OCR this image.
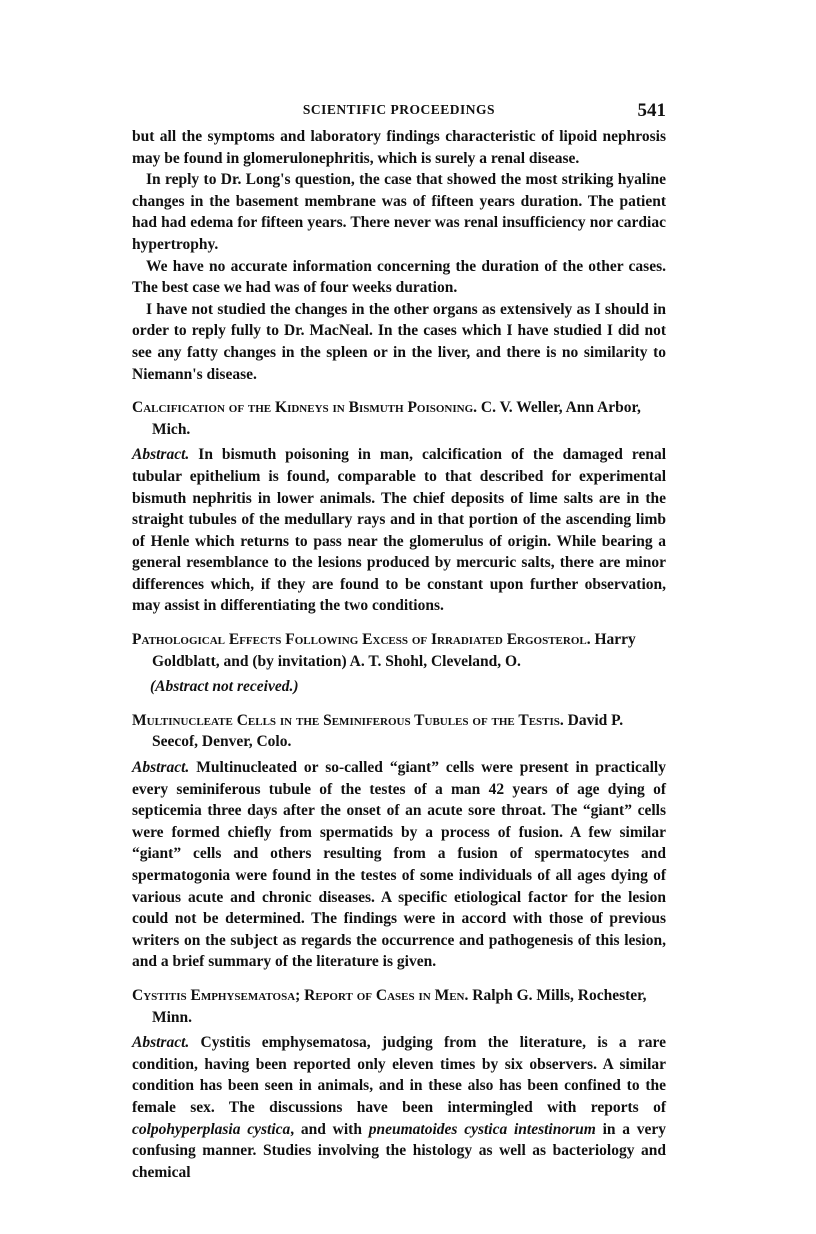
SCIENTIFIC PROCEEDINGS	541

but all the symptoms and laboratory findings characteristic of lipoid nephrosis may be found in glomerulonephritis, which is surely a renal disease.

In reply to Dr. Long's question, the case that showed the most striking hyaline changes in the basement membrane was of fifteen years duration. The patient had had edema for fifteen years. There never was renal insufficiency nor cardiac hypertrophy.

We have no accurate information concerning the duration of the other cases. The best case we had was of four weeks duration.

I have not studied the changes in the other organs as extensively as I should in order to reply fully to Dr. MacNeal. In the cases which I have studied I did not see any fatty changes in the spleen or in the liver, and there is no similarity to Niemann's disease.

Calcification of the Kidneys in Bismuth Poisoning. C. V. Weller, Ann Arbor, Mich.

Abstract. In bismuth poisoning in man, calcification of the damaged renal tubular epithelium is found, comparable to that described for experimental bismuth nephritis in lower animals. The chief deposits of lime salts are in the straight tubules of the medullary rays and in that portion of the ascending limb of Henle which returns to pass near the glomerulus of origin. While bearing a general resemblance to the lesions produced by mercuric salts, there are minor differences which, if they are found to be constant upon further observation, may assist in differentiating the two conditions.

Pathological Effects Following Excess of Irradiated Ergosterol. Harry Goldblatt, and (by invitation) A. T. Shohl, Cleveland, O.
(Abstract not received.)
Multinucleate Cells in the Seminiferous Tubules of the Testis. David P. Seecof, Denver, Colo.

Abstract. Multinucleated or so-called “giant” cells were present in practically every seminiferous tubule of the testes of a man 42 years of age dying of septicemia three days after the onset of an acute sore throat. The “giant” cells were formed chiefly from spermatids by a process of fusion. A few similar “giant” cells and others resulting from a fusion of spermatocytes and spermatogonia were found in the testes of some individuals of all ages dying of various acute and chronic diseases. A specific etiological factor for the lesion could not be determined. The findings were in accord with those of previous writers on the subject as regards the occurrence and pathogenesis of this lesion, and a brief summary of the literature is given.

Cystitis Emphysematosa; Report of Cases in Men. Ralph G. Mills, Rochester, Minn.

Abstract. Cystitis emphysematosa, judging from the literature, is a rare condition, having been reported only eleven times by six observers. A similar condition has been seen in animals, and in these also has been confined to the female sex. The discussions have been intermingled with reports of colpohyperplasia cystica, and with pneumatoides cystica intestinorum in a very confusing manner. Studies involving the histology as well as bacteriology and chemical
